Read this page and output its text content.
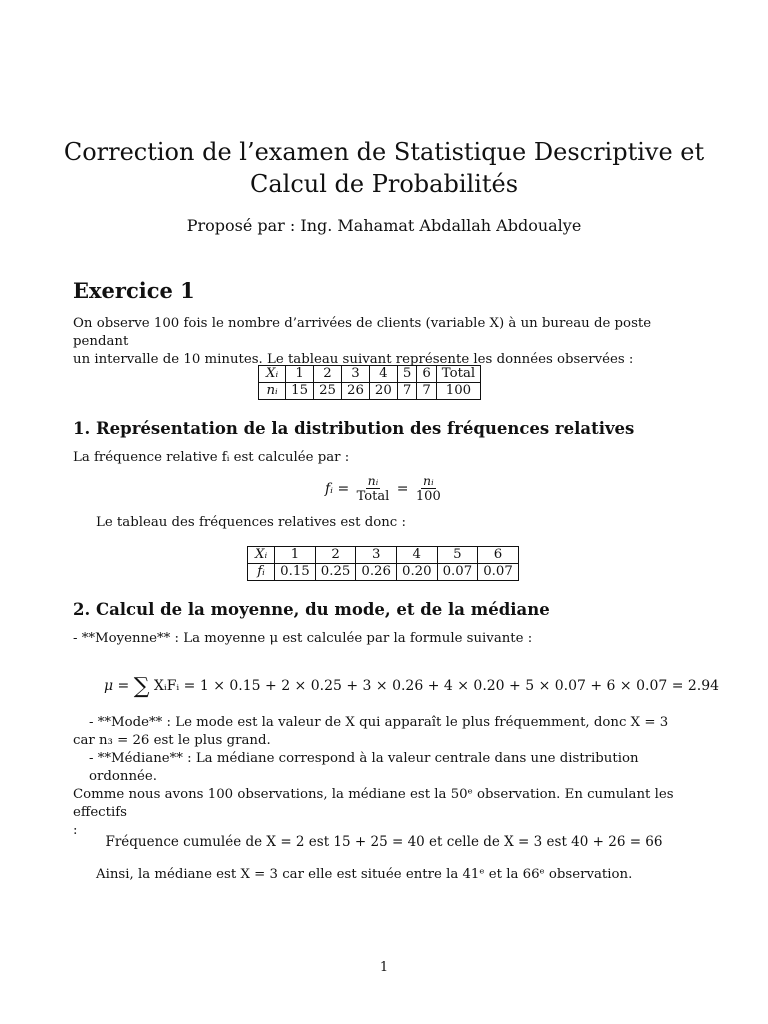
Correction de l’examen de Statistique Descriptive et
Calcul de Probabilités
Proposé par : Ing. Mahamat Abdallah Abdoualye
Exercice 1
On observe 100 fois le nombre d’arrivées de clients (variable X) à un bureau de poste pendant
un intervalle de 10 minutes. Le tableau suivant représente les données observées :
Xᵢ	1	2	3	4	5	6	Total
nᵢ	15	25	26	20	7	7	100
1. Représentation de la distribution des fréquences relatives
La fréquence relative fᵢ est calculée par :
fᵢ = $\frac{\text{nᵢ}}{\text{Total}} = \frac{\text{nᵢ}}{100}$
Le tableau des fréquences relatives est donc :
Xᵢ	1	2	3	4	5	6
fᵢ	0.15	0.25	0.26	0.20	0.07	0.07
2. Calcul de la moyenne, du mode, et de la médiane
- **Moyenne** : La moyenne μ est calculée par la formule suivante :
μ = ∑ XᵢFᵢ = 1 × 0.15 + 2 × 0.25 + 3 × 0.26 + 4 × 0.20 + 5 × 0.07 + 6 × 0.07 = 2.94
- **Mode** : Le mode est la valeur de X qui apparaît le plus fréquemment, donc X = 3
car n₃ = 26 est le plus grand.
- **Médiane** : La médiane correspond à la valeur centrale dans une distribution ordonnée.
Comme nous avons 100 observations, la médiane est la 50ᵉ observation. En cumulant les effectifs
:
Fréquence cumulée de X = 2 est 15 + 25 = 40 et celle de X = 3 est 40 + 26 = 66
Ainsi, la médiane est X = 3 car elle est située entre la 41ᵉ et la 66ᵉ observation.
1
